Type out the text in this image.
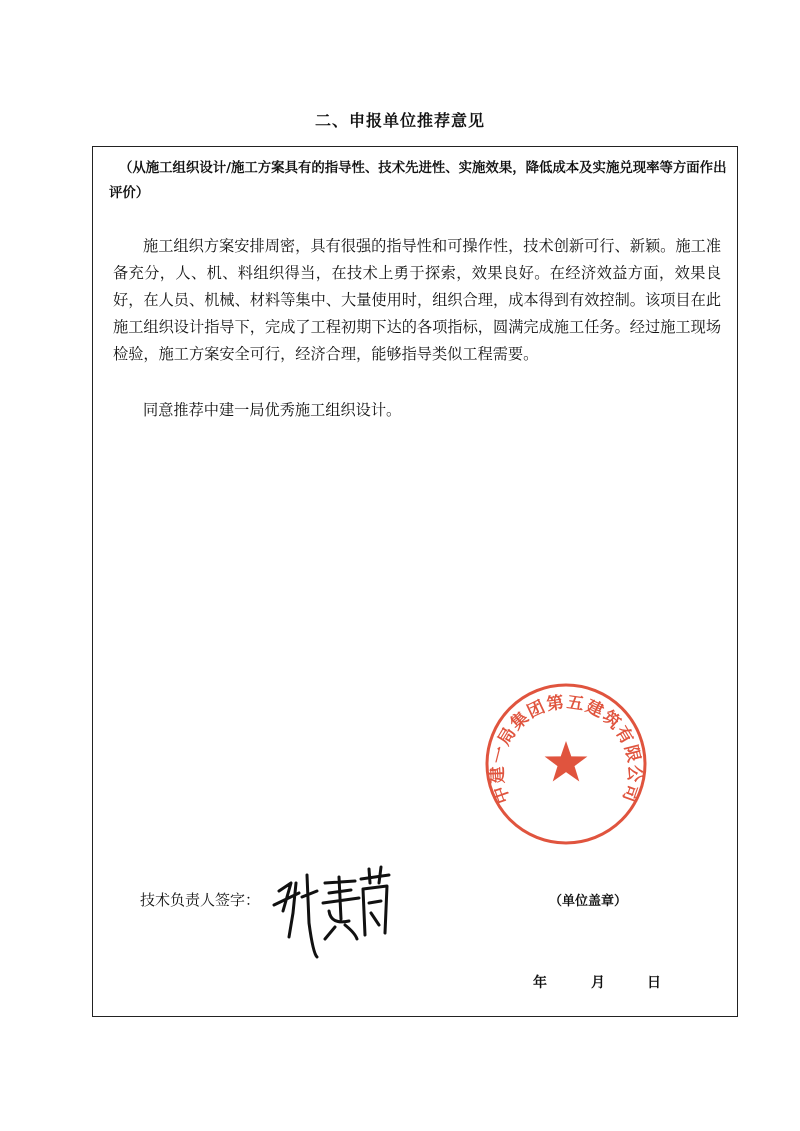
二、申报单位推荐意见

（从施工组织设计/施工方案具有的指导性、技术先进性、实施效果，降低成本及实施兑现率等方面作出评价）

施工组织方案安排周密，具有很强的指导性和可操作性，技术创新可行、新颖。施工准备充分，人、机、料组织得当，在技术上勇于探索，效果良好。在经济效益方面，效果良好，在人员、机械、材料等集中、大量使用时，组织合理，成本得到有效控制。该项目在此施工组织设计指导下，完成了工程初期下达的各项指标，圆满完成施工任务。经过施工现场检验，施工方案安全可行，经济合理，能够指导类似工程需要。

同意推荐中建一局优秀施工组织设计。

中建一局集团第五建筑有限公司
技术负责人签字：	（单位盖章）
年	月	日
